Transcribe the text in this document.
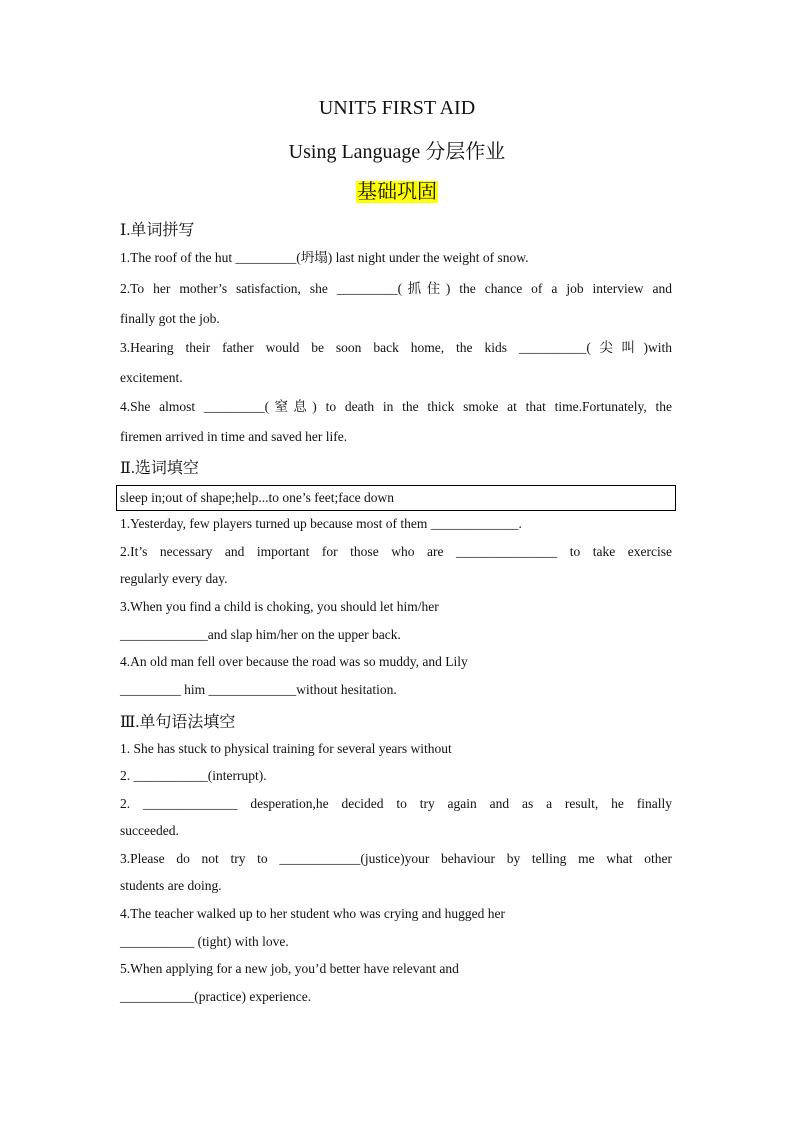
UNIT5 FIRST AID
Using Language 分层作业
基础巩固
Ⅰ.单词拼写
1.The roof of the hut _________(坍塌) last night under the weight of snow.
2.To her mother’s satisfaction, she _________(抓住) the chance of a job interview and
finally got the job.
3.Hearing their father would be soon back home, the kids __________(尖叫)with
excitement.
4.She almost _________(窒息) to death in the thick smoke at that time.Fortunately, the
firemen arrived in time and saved her life.
Ⅱ.选词填空
sleep in;out of shape;help...to one’s feet;face down
1.Yesterday, few players turned up because most of them _____________.
2.It’s necessary and important for those who are _______________ to take exercise
regularly every day.
3.When you find a child is choking, you should let him/her
_____________and slap him/her on the upper back.
4.An old man fell over because the road was so muddy, and Lily
_________ him _____________without hesitation.
Ⅲ.单句语法填空
1. She has stuck to physical training for several years without
2. ___________(interrupt).
2. ______________ desperation,he decided to try again and as a result, he finally
succeeded.
3.Please do not try to ____________(justice)your behaviour by telling me what other
students are doing.
4.The teacher walked up to her student who was crying and hugged her
___________ (tight) with love.
5.When applying for a new job, you’d better have relevant and
___________(practice) experience.
